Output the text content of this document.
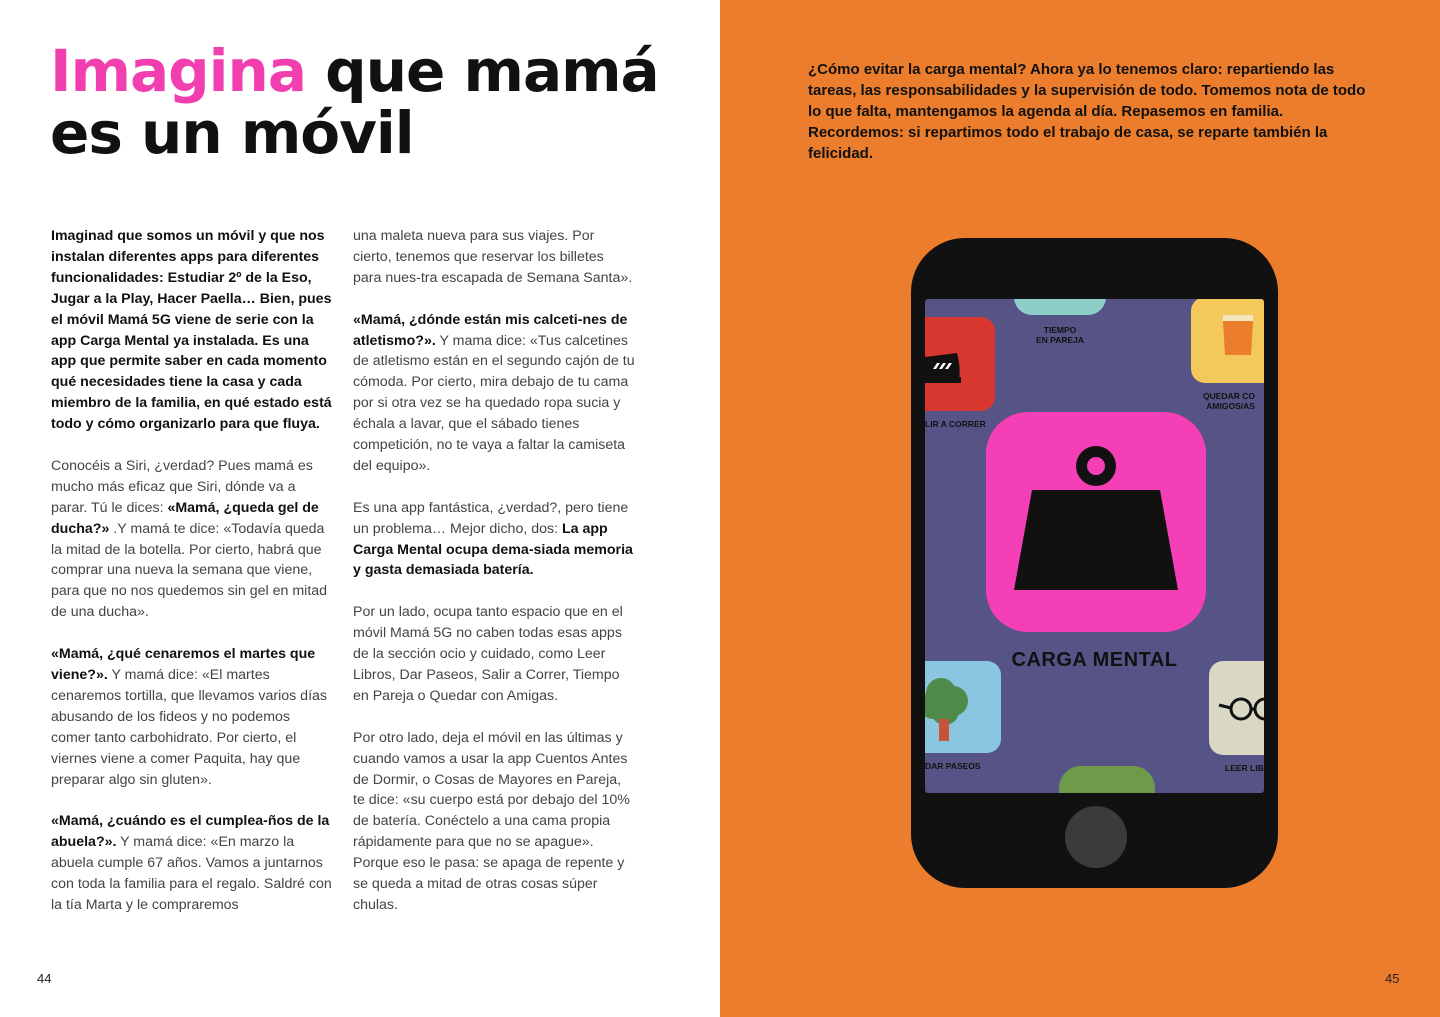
Imagina que mamá es un móvil

Imaginad que somos un móvil y que nos instalan diferentes apps para diferentes funcionalidades: Estudiar 2º de la Eso, Jugar a la Play, Hacer Paella… Bien, pues el móvil Mamá 5G viene de serie con la app Carga Mental ya instalada. Es una app que permite saber en cada momento qué necesidades tiene la casa y cada miembro de la familia, en qué estado está todo y cómo organizarlo para que fluya.

Conocéis a Siri, ¿verdad? Pues mamá es mucho más eficaz que Siri, dónde va a parar. Tú le dices: «Mamá, ¿queda gel de ducha?» .Y mamá te dice: «Todavía queda la mitad de la botella. Por cierto, habrá que comprar una nueva la semana que viene, para que no nos quedemos sin gel en mitad de una ducha».

«Mamá, ¿qué cenaremos el martes que viene?». Y mamá dice: «El martes cenaremos tortilla, que llevamos varios días abusando de los fideos y no podemos comer tanto carbohidrato. Por cierto, el viernes viene a comer Paquita, hay que preparar algo sin gluten».

«Mamá, ¿cuándo es el cumplea-ños de la abuela?». Y mamá dice: «En marzo la abuela cumple 67 años. Vamos a juntarnos con toda la familia para el regalo. Saldré con la tía Marta y le compraremos

una maleta nueva para sus viajes. Por cierto, tenemos que reservar los billetes para nues-tra escapada de Semana Santa».

«Mamá, ¿dónde están mis calceti-nes de atletismo?». Y mama dice: «Tus calcetines de atletismo están en el segundo cajón de tu cómoda. Por cierto, mira debajo de tu cama por si otra vez se ha quedado ropa sucia y échala a lavar, que el sábado tienes competición, no te vaya a faltar la camiseta del equipo».

Es una app fantástica, ¿verdad?, pero tiene un problema… Mejor dicho, dos: La app Carga Mental ocupa dema-siada memoria y gasta demasiada batería.

Por un lado, ocupa tanto espacio que en el móvil Mamá 5G no caben todas esas apps de la sección ocio y cuidado, como Leer Libros, Dar Paseos, Salir a Correr, Tiempo en Pareja o Quedar con Amigas.

Por otro lado, deja el móvil en las últimas y cuando vamos a usar la app Cuentos Antes de Dormir, o Cosas de Mayores en Pareja, te dice: «su cuerpo está por debajo del 10% de batería. Conéctelo a una cama propia rápidamente para que no se apague». Porque eso le pasa: se apaga de repente y se queda a mitad de otras cosas súper chulas.

44

¿Cómo evitar la carga mental? Ahora ya lo tenemos claro: repartiendo las tareas, las responsabilidades y la supervisión de todo. Tomemos nota de todo lo que falta, mantengamos la agenda al día. Repasemos en familia. Recordemos: si repartimos todo el trabajo de casa, se reparte también la felicidad.

TIEMPO
EN PAREJA
LIR A CORRER
QUEDAR CO
AMIGOS/AS
CARGA MENTAL
DAR PASEOS	LEER LIB
45
